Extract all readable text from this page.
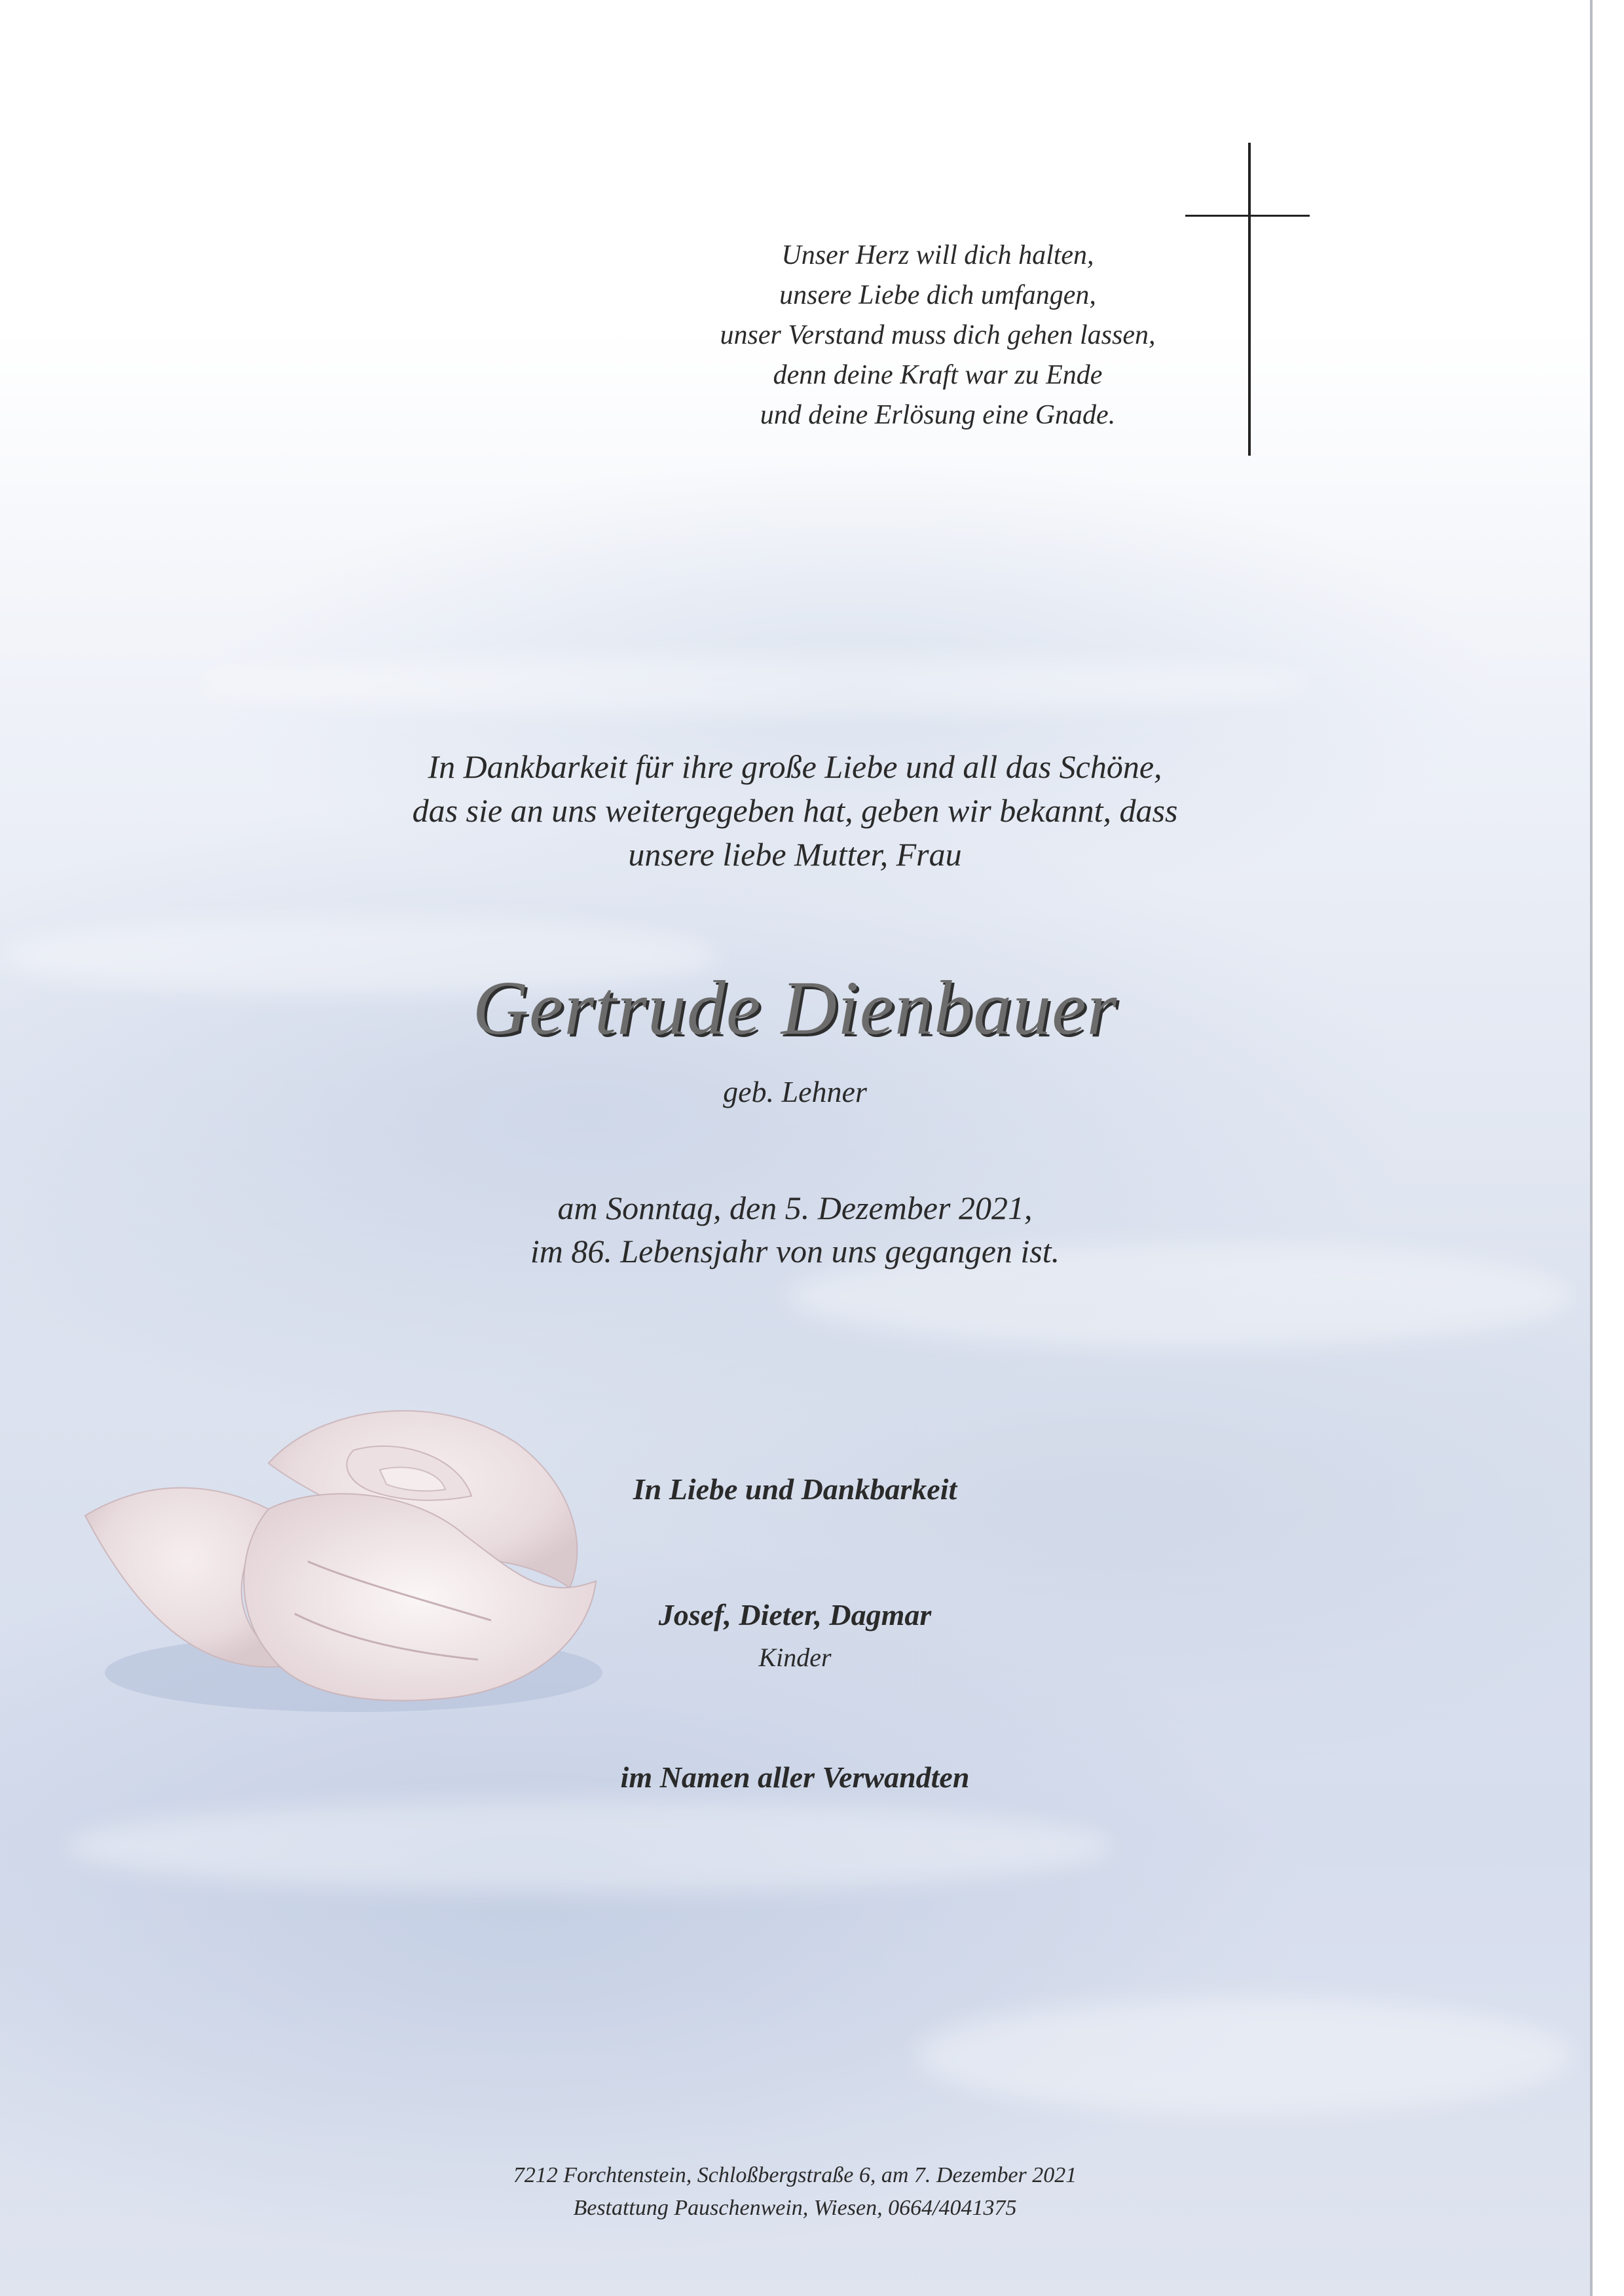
Unser Herz will dich halten,
unsere Liebe dich umfangen,
unser Verstand muss dich gehen lassen,
denn deine Kraft war zu Ende
und deine Erlösung eine Gnade.
In Dankbarkeit für ihre große Liebe und all das Schöne,
das sie an uns weitergegeben hat, geben wir bekannt, dass
unsere liebe Mutter, Frau
Gertrude Dienbauer
geb. Lehner
am Sonntag, den 5. Dezember 2021,
im 86. Lebensjahr von uns gegangen ist.
In Liebe und Dankbarkeit
Josef, Dieter, Dagmar
Kinder
im Namen aller Verwandten
7212 Forchtenstein, Schloßbergstraße 6, am 7. Dezember 2021
Bestattung Pauschenwein, Wiesen, 0664/4041375
